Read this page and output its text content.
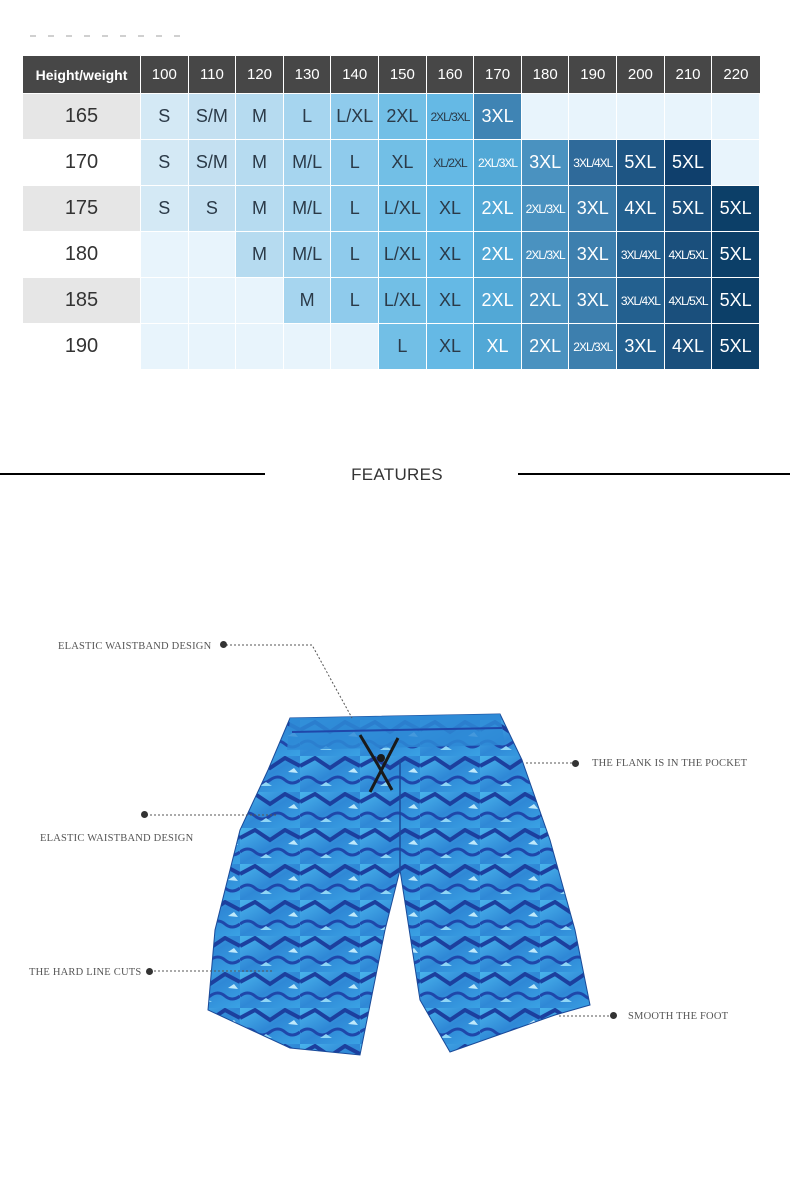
Height/weight	100	110	120	130	140	150	160	170	180	190	200	210	220
165	S	S/M	M	L	L/XL	2XL	2XL/3XL	3XL					
170	S	S/M	M	M/L	L	XL	XL/2XL	2XL/3XL	3XL	3XL/4XL	5XL	5XL	
175	S	S	M	M/L	L	L/XL	XL	2XL	2XL/3XL	3XL	4XL	5XL	5XL
180			M	M/L	L	L/XL	XL	2XL	2XL/3XL	3XL	3XL/4XL	4XL/5XL	5XL
185				M	L	L/XL	XL	2XL	2XL	3XL	3XL/4XL	4XL/5XL	5XL
190						L	XL	XL	2XL	2XL/3XL	3XL	4XL	5XL
FEATURES
ELASTIC WAISTBAND DESIGN
ELASTIC WAISTBAND DESIGN
THE HARD LINE CUTS
THE FLANK IS IN THE POCKET
SMOOTH THE FOOT
